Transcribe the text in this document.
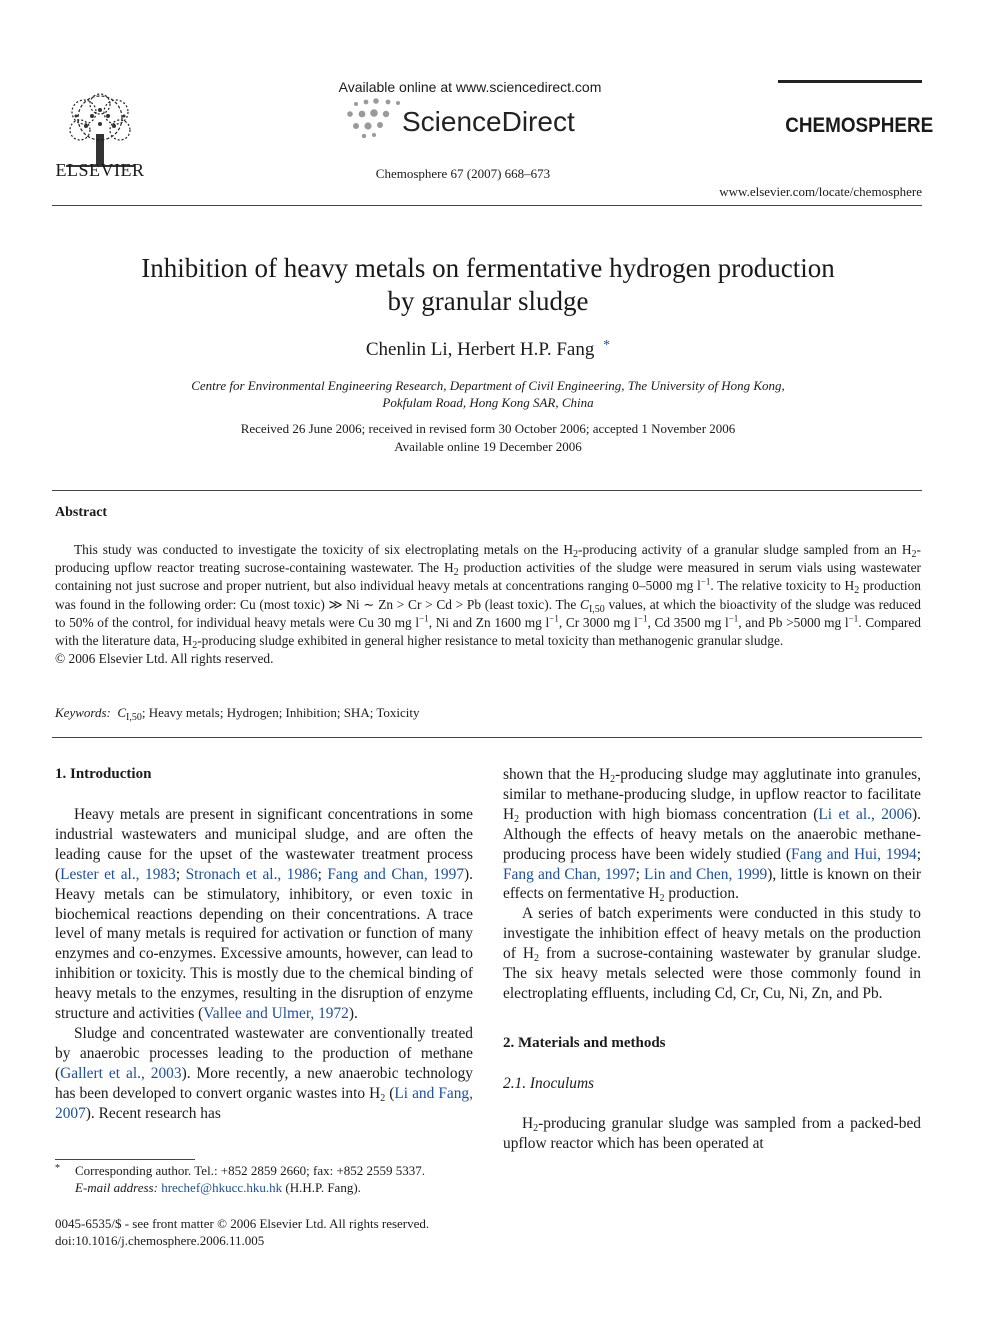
ELSEVIER
Available online at www.sciencedirect.com
ScienceDirect
Chemosphere 67 (2007) 668–673
CHEMOSPHERE
www.elsevier.com/locate/chemosphere
Inhibition of heavy metals on fermentative hydrogen production
by granular sludge
Chenlin Li, Herbert H.P. Fang *
Centre for Environmental Engineering Research, Department of Civil Engineering, The University of Hong Kong,
Pokfulam Road, Hong Kong SAR, China
Received 26 June 2006; received in revised form 30 October 2006; accepted 1 November 2006
Available online 19 December 2006
Abstract

This study was conducted to investigate the toxicity of six electroplating metals on the $H_2$-producing activity of a granular sludge sampled from an $H_2$-producing upflow reactor treating sucrose-containing wastewater. The $H_2$ production activities of the sludge were measured in serum vials using wastewater containing not just sucrose and proper nutrient, but also individual heavy metals at concentrations ranging 0–5000 mg $l^{-1}$. The relative toxicity to $H_2$ production was found in the following order: Cu (most toxic) ≫ Ni ∼ Zn > Cr > Cd > Pb (least toxic). The $C_{I,50}$ values, at which the bioactivity of the sludge was reduced to 50% of the control, for individual heavy metals were Cu 30 mg $l^{-1}$, Ni and Zn 1600 mg $l^{-1}$, Cr 3000 mg $l^{-1}$, Cd 3500 mg $l^{-1}$, and Pb >5000 mg $l^{-1}$. Compared with the literature data, $H_2$-producing sludge exhibited in general higher resistance to metal toxicity than methanogenic granular sludge.
© 2006 Elsevier Ltd. All rights reserved.

Keywords: $C_{I,50}$; Heavy metals; Hydrogen; Inhibition; SHA; Toxicity
1. Introduction

Heavy metals are present in significant concentrations in some industrial wastewaters and municipal sludge, and are often the leading cause for the upset of the wastewater treatment process (Lester et al., 1983; Stronach et al., 1986; Fang and Chan, 1997). Heavy metals can be stimulatory, inhibitory, or even toxic in biochemical reactions depending on their concentrations. A trace level of many metals is required for activation or function of many enzymes and co-enzymes. Excessive amounts, however, can lead to inhibition or toxicity. This is mostly due to the chemical binding of heavy metals to the enzymes, resulting in the disruption of enzyme structure and activities (Vallee and Ulmer, 1972).

Sludge and concentrated wastewater are conventionally treated by anaerobic processes leading to the production of methane (Gallert et al., 2003). More recently, a new anaerobic technology has been developed to convert organic wastes into $H_2$ (Li and Fang, 2007). Recent research has

shown that the $H_2$-producing sludge may agglutinate into granules, similar to methane-producing sludge, in upflow reactor to facilitate $H_2$ production with high biomass concentration (Li et al., 2006). Although the effects of heavy metals on the anaerobic methane-producing process have been widely studied (Fang and Hui, 1994; Fang and Chan, 1997; Lin and Chen, 1999), little is known on their effects on fermentative $H_2$ production.

A series of batch experiments were conducted in this study to investigate the inhibition effect of heavy metals on the production of $H_2$ from a sucrose-containing wastewater by granular sludge. The six heavy metals selected were those commonly found in electroplating effluents, including Cd, Cr, Cu, Ni, Zn, and Pb.

2. Materials and methods
2.1. Inoculums

$H_2$-producing granular sludge was sampled from a packed-bed upflow reactor which has been operated at

* Corresponding author. Tel.: +852 2859 2660; fax: +852 2559 5337.
E-mail address: hrechef@hkucc.hku.hk (H.H.P. Fang).
0045-6535/$ - see front matter © 2006 Elsevier Ltd. All rights reserved.
doi:10.1016/j.chemosphere.2006.11.005
